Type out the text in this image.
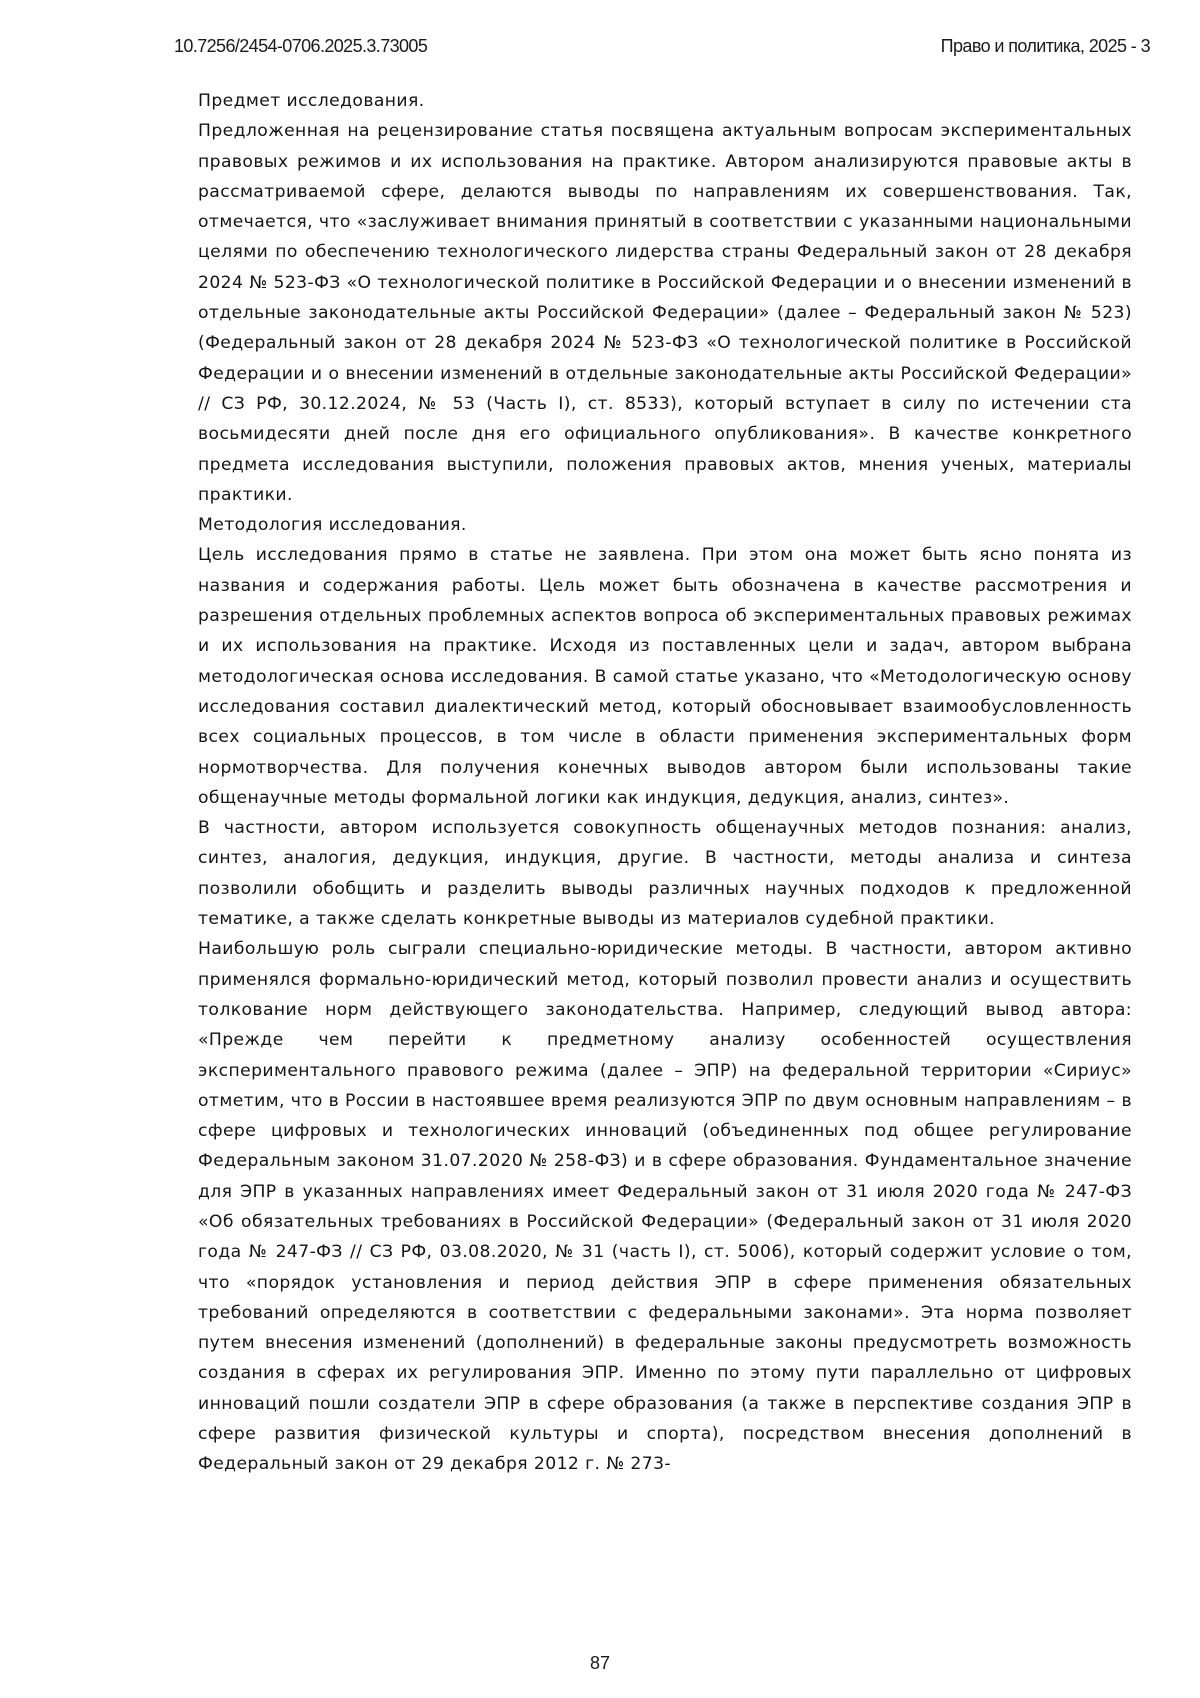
10.7256/2454-0706.2025.3.73005	Право и политика, 2025 - 3

Предмет исследования.

Предложенная на рецензирование статья посвящена актуальным вопросам экспериментальных правовых режимов и их использования на практике. Автором анализируются правовые акты в рассматриваемой сфере, делаются выводы по направлениям их совершенствования. Так, отмечается, что «заслуживает внимания принятый в соответствии с указанными национальными целями по обеспечению технологического лидерства страны Федеральный закон от 28 декабря 2024 № 523-ФЗ «О технологической политике в Российской Федерации и о внесении изменений в отдельные законодательные акты Российской Федерации» (далее – Федеральный закон № 523) (Федеральный закон от 28 декабря 2024 № 523-ФЗ «О технологической политике в Российской Федерации и о внесении изменений в отдельные законодательные акты Российской Федерации» // СЗ РФ, 30.12.2024, № 53 (Часть I), ст. 8533), который вступает в силу по истечении ста восьмидесяти дней после дня его официального опубликования». В качестве конкретного предмета исследования выступили, положения правовых актов, мнения ученых, материалы практики.

Методология исследования.

Цель исследования прямо в статье не заявлена. При этом она может быть ясно понята из названия и содержания работы. Цель может быть обозначена в качестве рассмотрения и разрешения отдельных проблемных аспектов вопроса об экспериментальных правовых режимах и их использования на практике. Исходя из поставленных цели и задач, автором выбрана методологическая основа исследования. В самой статье указано, что «Методологическую основу исследования составил диалектический метод, который обосновывает взаимообусловленность всех социальных процессов, в том числе в области применения экспериментальных форм нормотворчества. Для получения конечных выводов автором были использованы такие общенаучные методы формальной логики как индукция, дедукция, анализ, синтез».

В частности, автором используется совокупность общенаучных методов познания: анализ, синтез, аналогия, дедукция, индукция, другие. В частности, методы анализа и синтеза позволили обобщить и разделить выводы различных научных подходов к предложенной тематике, а также сделать конкретные выводы из материалов судебной практики.

Наибольшую роль сыграли специально-юридические методы. В частности, автором активно применялся формально-юридический метод, который позволил провести анализ и осуществить толкование норм действующего законодательства. Например, следующий вывод автора: «Прежде чем перейти к предметному анализу особенностей осуществления экспериментального правового режима (далее – ЭПР) на федеральной территории «Сириус» отметим, что в России в настоявшее время реализуются ЭПР по двум основным направлениям – в сфере цифровых и технологических инноваций (объединенных под общее регулирование Федеральным законом 31.07.2020 № 258-ФЗ) и в сфере образования. Фундаментальное значение для ЭПР в указанных направлениях имеет Федеральный закон от 31 июля 2020 года № 247-ФЗ «Об обязательных требованиях в Российской Федерации» (Федеральный закон от 31 июля 2020 года № 247-ФЗ // СЗ РФ, 03.08.2020, № 31 (часть I), ст. 5006), который содержит условие о том, что «порядок установления и период действия ЭПР в сфере применения обязательных требований определяются в соответствии с федеральными законами». Эта норма позволяет путем внесения изменений (дополнений) в федеральные законы предусмотреть возможность создания в сферах их регулирования ЭПР. Именно по этому пути параллельно от цифровых инноваций пошли создатели ЭПР в сфере образования (а также в перспективе создания ЭПР в сфере развития физической культуры и спорта), посредством внесения дополнений в Федеральный закон от 29 декабря 2012 г. № 273-

87
